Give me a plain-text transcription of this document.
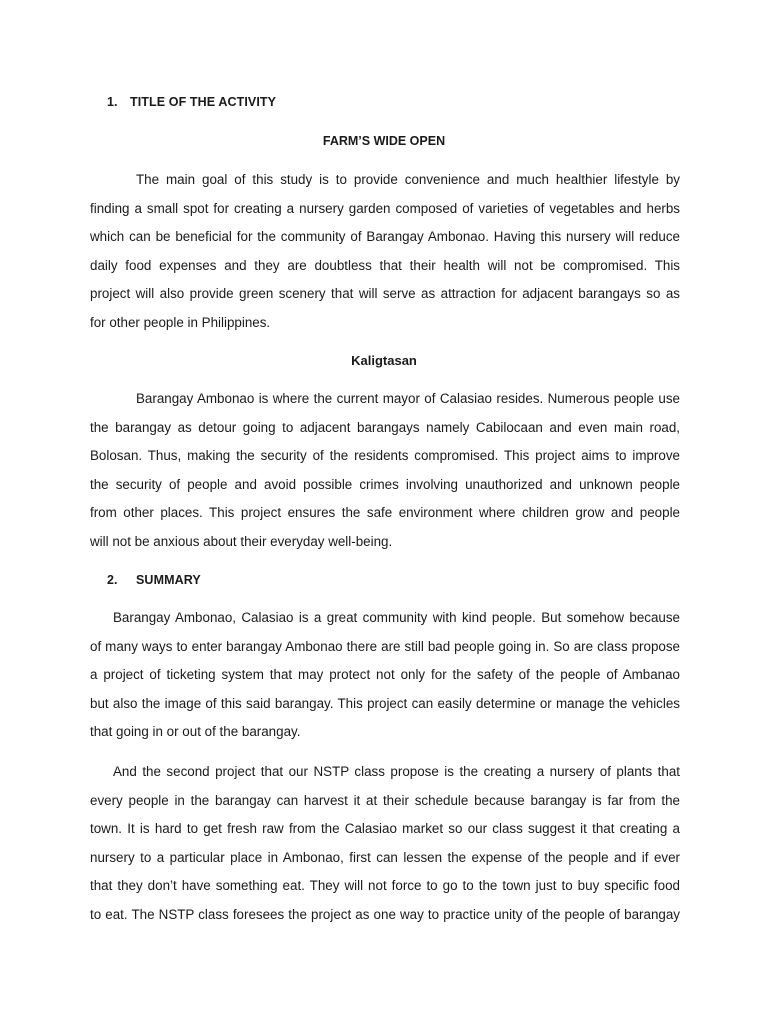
1. TITLE OF THE ACTIVITY
FARM’S WIDE OPEN
The main goal of this study is to provide convenience and much healthier lifestyle by
finding a small spot for creating a nursery garden composed of varieties of vegetables and herbs
which can be beneficial for the community of Barangay Ambonao. Having this nursery will reduce
daily food expenses and they are doubtless that their health will not be compromised. This
project will also provide green scenery that will serve as attraction for adjacent barangays so as
for other people in Philippines.
Kaligtasan
Barangay Ambonao is where the current mayor of Calasiao resides. Numerous people use
the barangay as detour going to adjacent barangays namely Cabilocaan and even main road,
Bolosan. Thus, making the security of the residents compromised. This project aims to improve
the security of people and avoid possible crimes involving unauthorized and unknown people
from other places. This project ensures the safe environment where children grow and people
will not be anxious about their everyday well-being.
2. SUMMARY
Barangay Ambonao, Calasiao is a great community with kind people. But somehow because
of many ways to enter barangay Ambonao there are still bad people going in. So are class propose
a project of ticketing system that may protect not only for the safety of the people of Ambanao
but also the image of this said barangay. This project can easily determine or manage the vehicles
that going in or out of the barangay.
And the second project that our NSTP class propose is the creating a nursery of plants that
every people in the barangay can harvest it at their schedule because barangay is far from the
town. It is hard to get fresh raw from the Calasiao market so our class suggest it that creating a
nursery to a particular place in Ambonao, first can lessen the expense of the people and if ever
that they don’t have something eat. They will not force to go to the town just to buy specific food
to eat. The NSTP class foresees the project as one way to practice unity of the people of barangay
